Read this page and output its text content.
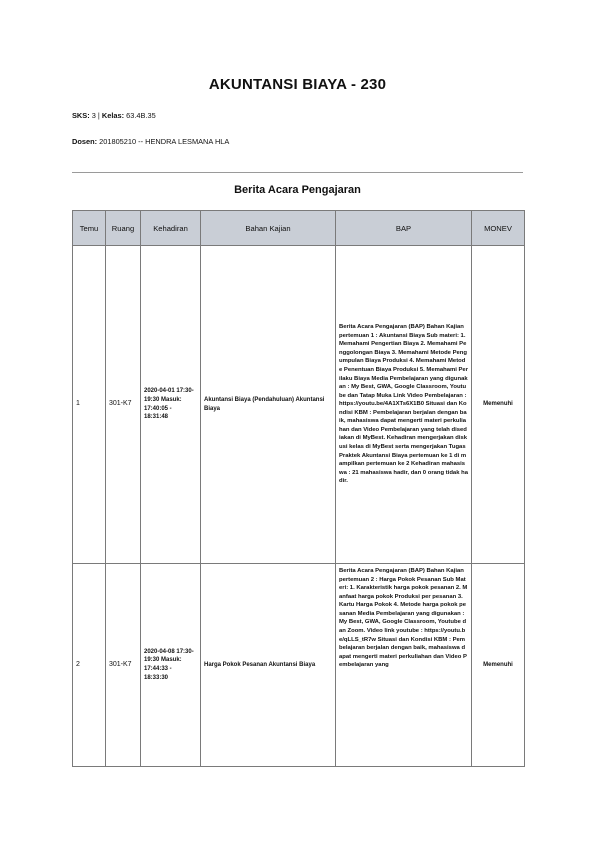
AKUNTANSI BIAYA - 230
SKS: 3 | Kelas: 63.4B.35
Dosen: 201805210 -- HENDRA LESMANA HLA
Berita Acara Pengajaran
Temu	Ruang	Kehadiran	Bahan Kajian	BAP	MONEV
1	301-K7	2020-04-01 17:30-19:30 Masuk: 17:40:05 - 18:31:48	Akuntansi Biaya (Pendahuluan) Akuntansi Biaya	Berita Acara Pengajaran (BAP) Bahan Kajian pertemuan 1 : Akuntansi Biaya Sub materi: 1. Memahami Pengertian Biaya 2. Memahami Penggolongan Biaya 3. Memahami Metode Pengumpulan Biaya Produksi 4. Memahami Metode Penentuan Biaya Produksi 5. Memahami Perilaku Biaya Media Pembelajaran yang digunakan : My Best, GWA, Google Classroom, Youtube dan Tatap Muka Link Video Pembelajaran : https://youtu.be/4A1XTs6X1B0 Situasi dan Kondisi KBM : Pembelajaran berjalan dengan baik, mahasiswa dapat mengerti materi perkuliahan dan Video Pembelajaran yang telah disediakan di MyBest. Kehadiran mengerjakan diskusi kelas di MyBest serta mengerjakan Tugas Praktek Akuntansi Biaya pertemuan ke 1 di mampilkan pertemuan ke 2 Kehadiran mahasiswa : 21 mahasiswa hadir, dan 0 orang tidak hadir.	Memenuhi
2	301-K7	2020-04-08 17:30-19:30 Masuk: 17:44:33 - 18:33:30	Harga Pokok Pesanan Akuntansi Biaya	Berita Acara Pengajaran (BAP) Bahan Kajian pertemuan 2 : Harga Pokok Pesanan Sub Materi: 1. Karakteristik harga pokok pesanan 2. Manfaat harga pokok Produksi per pesanan 3. Kartu Harga Pokok 4. Metode harga pokok pesanan Media Pembelajaran yang digunakan : My Best, GWA, Google Classroom, Youtube dan Zoom. Video link youtube : https://youtu.be/qLLS_tR7w Situasi dan Kondisi KBM : Pembelajaran berjalan dengan baik, mahasiswa dapat mengerti materi perkuliahan dan Video Pembelajaran yang	Memenuhi
